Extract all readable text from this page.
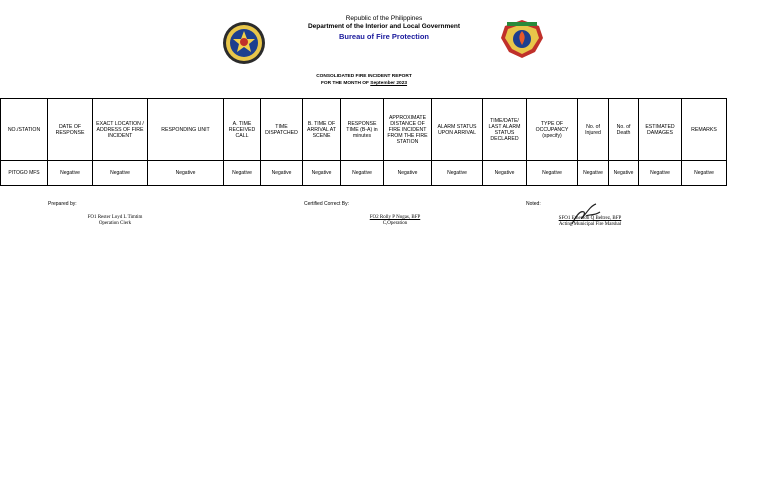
Republic of the Philippines
Department of the Interior and Local Government
Bureau of Fire Protection
CONSOLIDATED FIRE INCIDENT REPORT
FOR THE MONTH OF September 2023
NO./STATION	DATE OF RESPONSE	EXACT LOCATION / ADDRESS OF FIRE INCIDENT	RESPONDING UNIT	A. TIME RECEIVED CALL	TIME DISPATCHED	B. TIME OF ARRIVAL AT SCENE	RESPONSE TIME (B-A) in minutes	APPROXIMATE DISTANCE OF FIRE INCIDENT FROM THE FIRE STATION	ALARM STATUS UPON ARRIVAL	TIME/DATE/ LAST ALARM STATUS DECLARED	TYPE OF OCCUPANCY (specify)	No. of Injured	No. of Death	ESTIMATED DAMAGES	REMARKS
PITOGO MFS	Negative	Negative	Negative	Negative	Negative	Negative	Negative	Negative	Negative	Negative	Negative	Negative	Negative	Negative	Negative
Prepared by:
FO1 Rester Loyd L Timtim
Operation Clerk
Certified Correct By:
FO2 Rolly P Nogas, BFP
C,Operation
Noted:
SFO1 Emerson Q Beltrez, BFP
Acting Municipal Fire Marshal
